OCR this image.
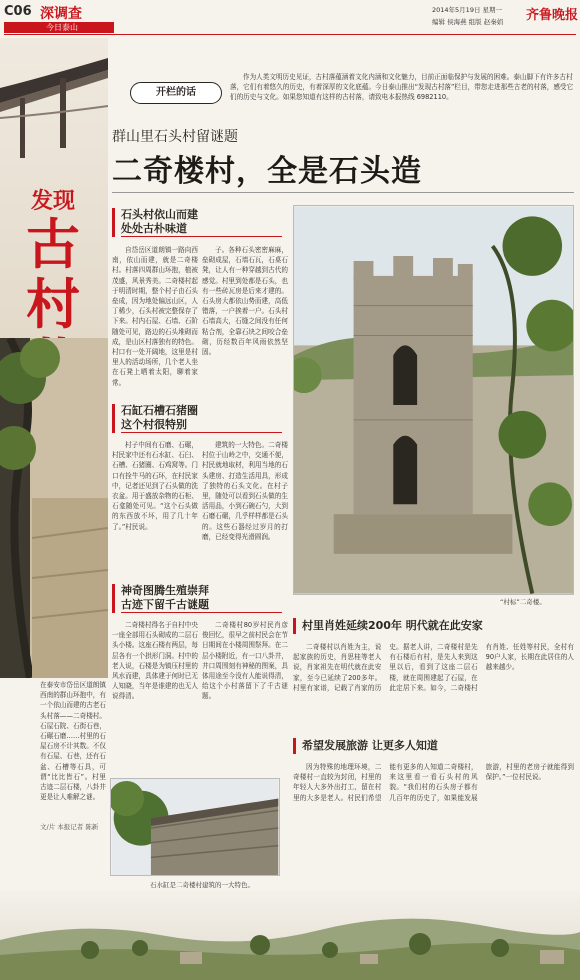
C06 深调查
今日泰山
2014年5月19日 星期一
编辑 侯海燕 组版 赵秦娟 齐鲁晚报
发现
古
村
在泰安市岱岳区道朗镇西南的群山环抱中，有一个依山而建的古老石头村落——二奇楼村。石屋石院、石街石巷，石碾石磨……村里的石屋石房不计其数。不仅有石屋、石巷，还有石盆、石槽等石具，可谓“比比皆石”。村里古迹二层石楼，八卦井更是让人难解之谜。
文/片 本报记者 陈新
开栏的话
作为人类文明历史见证，古村落蕴涵着文化内涵和文化魅力，目前正面临保护与发展的困难。泰山脚下有许多古村落，它们有着悠久的历史，有着深厚的文化底蕴。今日泰山推出“发现古村落”栏目，带您走进那些古老的村落，感受它们的历史与文化。如果您知道有这样的古村落，请致电本报热线 6982110。
群山里石头村留谜题
二奇楼村，全是石头造
石头村依山而建
处处古朴味道
自岱岳区道朗镇一路向西南，依山而建，就是二奇楼村。村落四周群山环抱，植被茂盛，风景秀美。二奇楼村起于明清时期，整个村子由石头垒成，因为地处偏远山区，人丁稀少，石头村被完整保存了下来。村内石屋、石墙、石阶随处可见，路边的石头堆砌而成，是山区村落独有的特色。村口有一处开阔地，这里是村里人的活动场所，几个老人坐在石凳上晒着太阳，聊着家常。
子。各种石头密密麻麻，垒砌成屋，石墙石瓦，石桌石凳，让人有一种穿越到古代的感觉。村里到处都是石头，也有一些砖瓦房是后来才建的。石头房大都依山势而建，高低错落，一户挨着一户。石头村石墙高大，石缝之间没有任何粘合剂，全靠石块之间咬合垒砌，历经数百年风雨依然坚固。
石缸石槽石猪圈
这个村很特别
村子中间有石磨、石碾，村民家中还有石水缸、石臼、石槽、石猪圈、石鸡窝等。门口有拴牛马的石环，在村民家中，记者还见到了石头做的洗衣盆。用于盛放杂物的石柜、石龛随处可见。“这个石头做的东西放不坏，用了几十年了。”村民说。
建筑的一大特色。二奇楼村位于山岭之中，交通不便，村民就地取材，利用当地的石头建房、打造生活用具，形成了独特的石头文化。在村子里，随处可以看到石头做的生活用品，小到石碗石勺，大到石磨石碾，几乎样样都是石头的。这些石器经过岁月的打磨，已经变得光滑圆润。
神奇图腾生殖崇拜
古迹下留千古谜题
二奇楼村得名于自村中央一座全部用石头砌成的二层石头小楼。这座石楼有两层，每层各有一个拱形门洞。村中的老人说，石楼是为镇压村里的风水而建，具体建于何时已无人知晓，当年是谁建的也无人说得清。
二奇楼村80岁村民肖彦俊回忆，很早之前村民会在节日期间在小楼周围祭拜。在二层小楼附近，有一口八卦井，井口周围刻有神秘的图案，具体用途至今没有人能说得清，给这个小村落留下了千古谜题。
“村标”二奇楼。
村里肖姓延续200年 明代就在此安家
二奇楼村以肖姓为主，说起家族的历史，肖思桂等老人说，肖家祖先在明代就在此安家，至今已延续了200多年。村里有家谱，记载了肖家的历史。据老人讲，二奇楼村是先有石楼后有村，是先人来到这里以后，看到了这座二层石楼，就在周围建起了石屋，在此定居下来。如今，二奇楼村有肖姓、任姓等村民，全村有90户人家，长期在此居住的人越来越少。
希望发展旅游 让更多人知道
因为特殊的地理环境，二奇楼村一直较为封闭，村里的年轻人大多外出打工，留在村里的大多是老人。村民们希望能有更多的人知道二奇楼村，来这里看一看石头村的风貌。“我们村的石头房子都有几百年的历史了，如果能发展旅游，村里的老房子就能得到保护。”一位村民说。
石水缸是二奇楼村建筑的一大特色。
